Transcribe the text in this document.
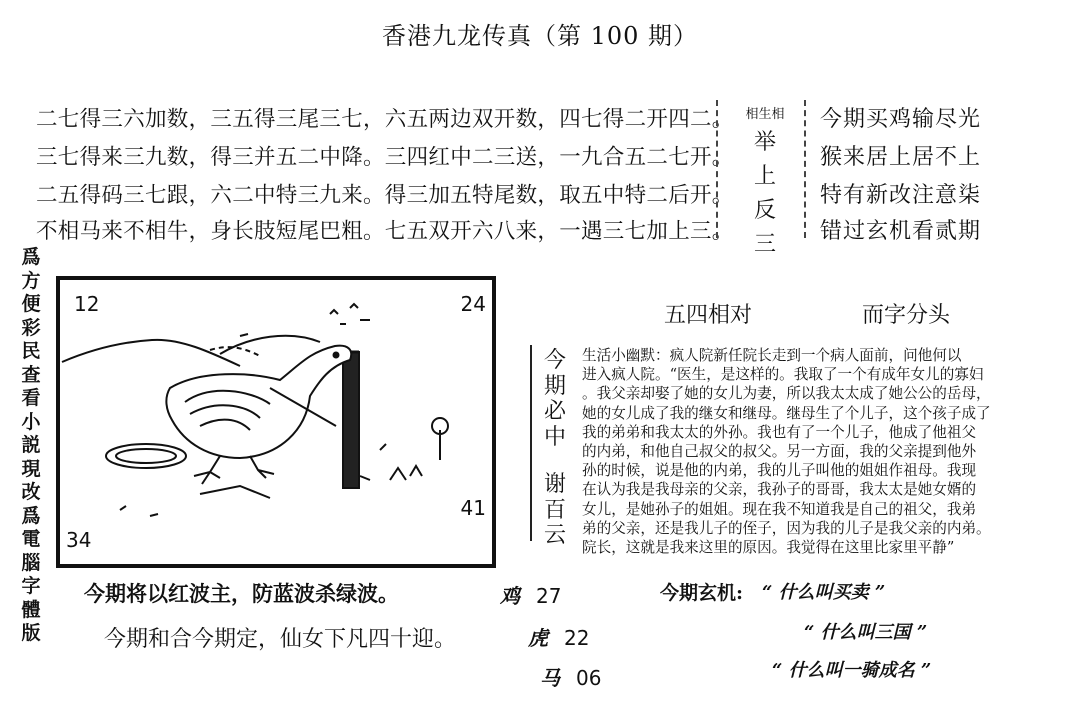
香港九龙传真（第 100 期）
二七得三六加数，三五得三尾三七，六五两边双开数，四七得二开四二。
三七得来三九数，得三并五二中降。三四红中二三送，一九合五二七开。
二五得码三七跟，六二中特三九来。得三加五特尾数，取五中特二后开。
不相马来不相牛，身长肢短尾巴粗。七五双开六八来，一遇三七加上三。
相生相
举
上
反
三
今期买鸡输尽光
猴来居上居不上
特有新改注意柒
错过玄机看贰期
爲
方
便
彩
民
查
看
小
説
現
改
爲
電
腦
字
體
版
12	24
41
34
五四相对	而字分头
今
期
必
中
谢
百
云
生活小幽默：疯人院新任院长走到一个病人面前，问他何以
进入疯人院。“医生，是这样的。我取了一个有成年女儿的寡妇
。我父亲却娶了她的女儿为妻，所以我太太成了她公公的岳母，
她的女儿成了我的继女和继母。继母生了个儿子，这个孩子成了
我的弟弟和我太太的外孙。我也有了一个儿子，他成了他祖父
的内弟，和他自己叔父的叔父。另一方面，我的父亲提到他外
孙的时候，说是他的内弟，我的儿子叫他的姐姐作祖母。我现
在认为我是我母亲的父亲，我孙子的哥哥，我太太是她女婿的
女儿，是她孙子的姐姐。现在我不知道我是自己的祖父，我弟
弟的父亲，还是我儿子的侄子，因为我的儿子是我父亲的内弟。
院长，这就是我来这里的原因。我觉得在这里比家里平静”
今期将以红波主，防蓝波杀绿波。
今期和合今期定，仙女下凡四十迎。
鸡 27
虎 22
马 06
今期玄机: “ 什么叫买卖 ”
“ 什么叫三国 ”
“ 什么叫一骑成名 ”
